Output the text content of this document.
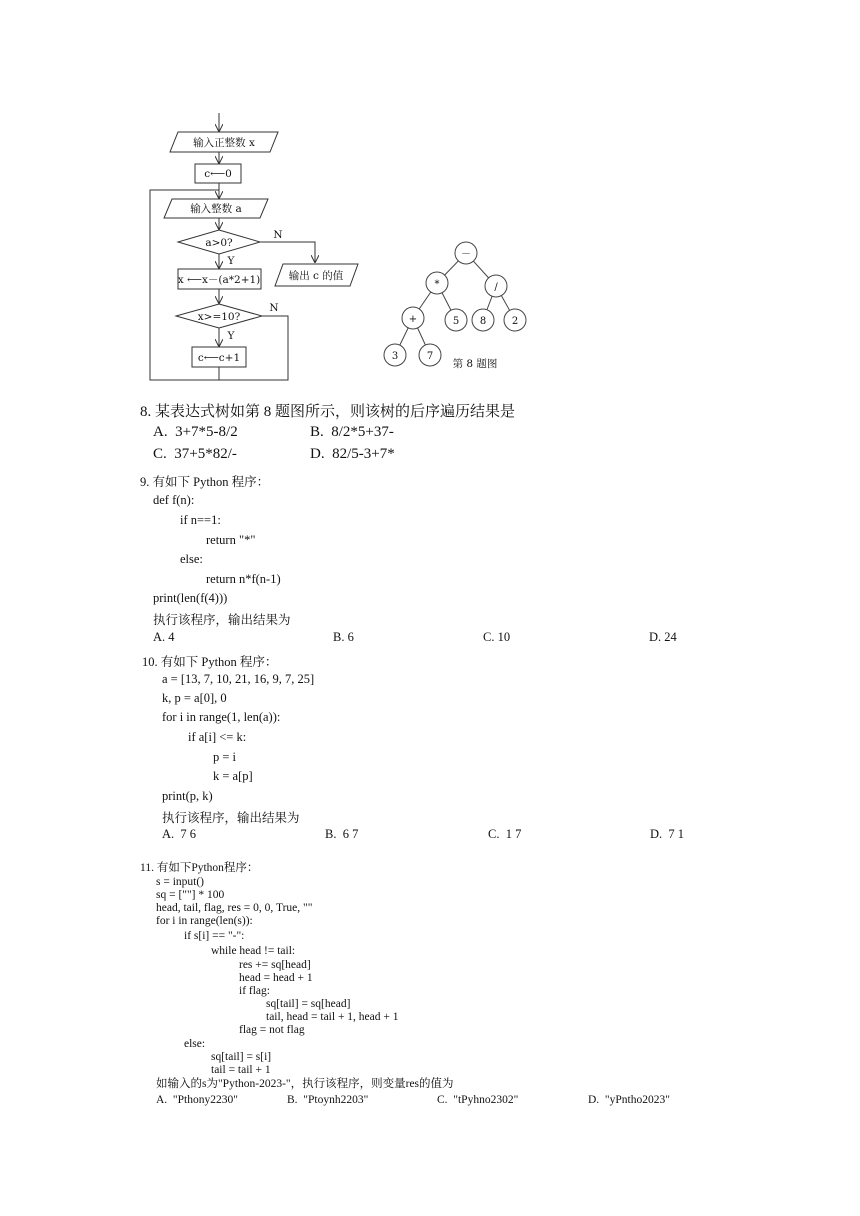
输入正整数 x
c⟵0
输入整数 a
a>0?
N
Y
输出 c 的值
x ⟵x－(a*2+1)
x>=10?
N
Y
c⟵c+1
－
*	/
+	5 8	2
3	7
第 8 题图
8. 某表达式树如第 8 题图所示，则该树的后序遍历结果是
A.  3+7*5-8/2	B.  8/2*5+37-
C.  37+5*82/-	D.  82/5-3+7*
9. 有如下 Python 程序：
def f(n):
if n==1:
return "*"
else:
return n*f(n-1)
print(len(f(4)))
执行该程序，输出结果为
A. 4	B. 6	C. 10	D. 24
10. 有如下 Python 程序：
a = [13, 7, 10, 21, 16, 9, 7, 25]
k, p = a[0], 0
for i in range(1, len(a)):
if a[i] <= k:
p = i
k = a[p]
print(p, k)
执行该程序，输出结果为
A.  7 6	B.  6 7	C.  1 7	D.  7 1
11. 有如下Python程序：
s = input()
sq = [""] * 100
head, tail, flag, res = 0, 0, True, ""
for i in range(len(s)):
if s[i] == "-":
while head != tail:
res += sq[head]
head = head + 1
if flag:
sq[tail] = sq[head]
tail, head = tail + 1, head + 1
flag = not flag
else:
sq[tail] = s[i]
tail = tail + 1
如输入的s为"Python-2023-"，执行该程序，则变量res的值为
A.  "Pthony2230"	B.  "Ptoynh2203"	C.  "tPyhno2302"	D.  "yPntho2023"
